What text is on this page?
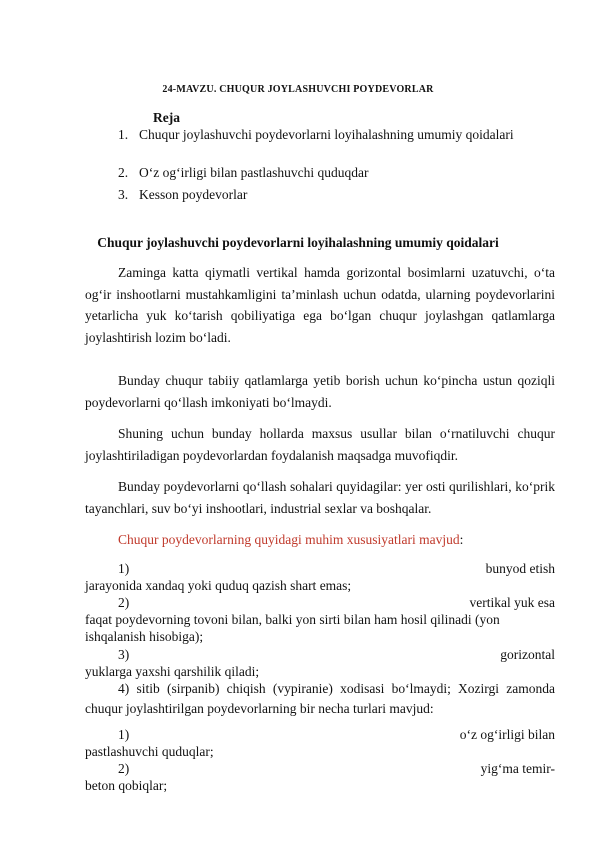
24-MAVZU. CHUQUR JOYLASHUVCHI POYDEVORLAR
Reja
1. Chuqur joylashuvchi poydevorlarni loyihalashning umumiy qoidalari
2. O‘z og‘irligi bilan pastlashuvchi quduqdar
3. Kesson poydevorlar
Chuqur joylashuvchi poydevorlarni loyihalashning umumiy qoidalari
Zaminga katta qiymatli vertikal hamda gorizontal bosimlarni uzatuvchi, o‘ta og‘ir inshootlarni mustahkamligini ta’minlash uchun odatda, ularning poydevorlarini yetarlicha yuk ko‘tarish qobiliyatiga ega bo‘lgan chuqur joylashgan qatlamlarga joylashtirish lozim bo‘ladi.
Bunday chuqur tabiiy qatlamlarga yetib borish uchun ko‘pincha ustun qoziqli poydevorlarni qo‘llash imkoniyati bo‘lmaydi.
Shuning uchun bunday hollarda maxsus usullar bilan o‘rnatiluvchi chuqur joylashtiriladigan poydevorlardan foydalanish maqsadga muvofiqdir.
Bunday poydevorlarni qo‘llash sohalari quyidagilar: yer osti qurilishlari, ko‘prik tayanchlari, suv bo‘yi inshootlari, industrial sexlar va boshqalar.
Chuqur poydevorlarning quyidagi muhim xususiyatlari mavjud:
1)	bunyod etish
jarayonida xandaq yoki quduq qazish shart emas;
2)	vertikal yuk esa
faqat poydevorning tovoni bilan, balki yon sirti bilan ham hosil qilinadi (yon ishqalanish hisobiga);
3)	gorizontal
yuklarga yaxshi qarshilik qiladi;
4) sitib (sirpanib) chiqish (vypiranie) xodisasi bo‘lmaydi; Xozirgi zamonda chuqur joylashtirilgan poydevorlarning bir necha turlari mavjud:
1)	o‘z og‘irligi bilan
pastlashuvchi quduqlar;
2)	yig‘ma temir-
beton qobiqlar;
